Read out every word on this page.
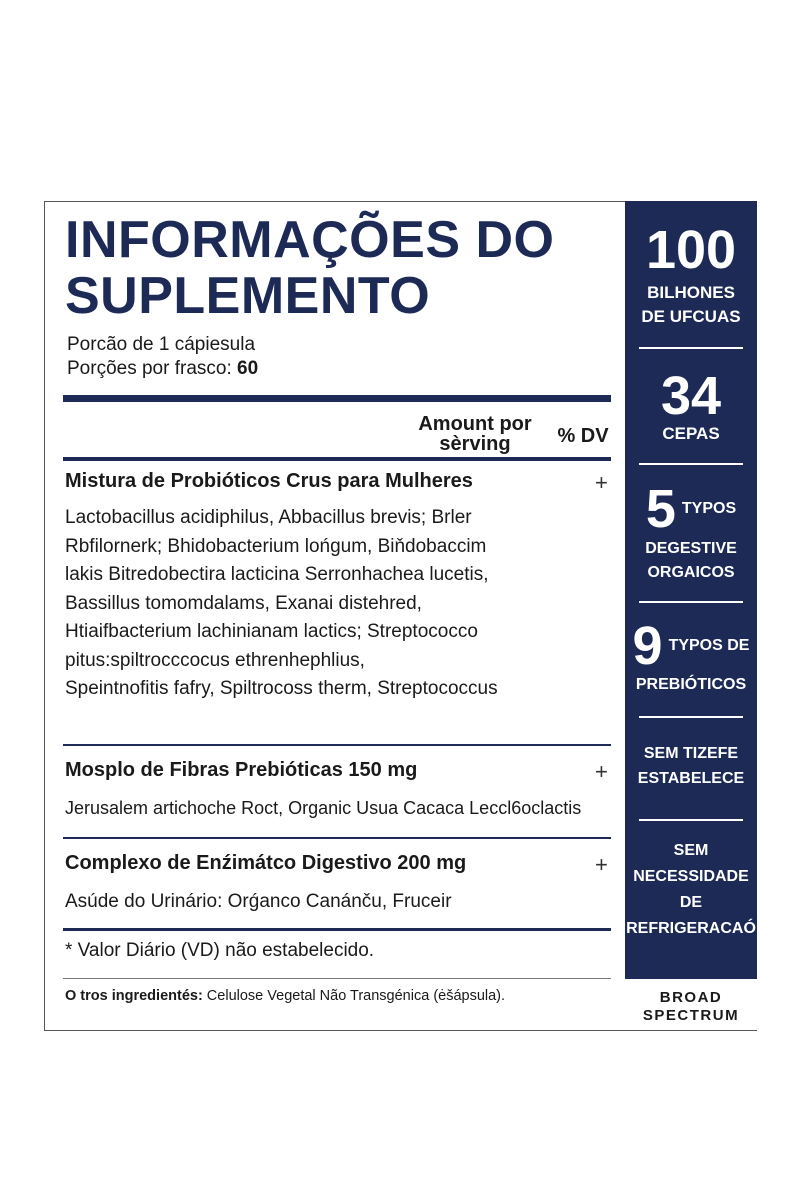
INFORMAÇÕES DO
SUPLEMENTO
Porcão de 1 cápiesula
Porções por frasco: 60
Amount por
sèrving	% DV
Mistura de Probióticos Crus para Mulheres	+
Lactobacillus acidiphilus, Abbacillus brevis; Brler
Rbfilornerk; Bhidobacterium lońgum, Biňdobaccim
lakis Bitredobectira lacticina Serronhachea lucetis,
Bassillus tomomdalams, Exanai distehred,
Htiaifbacterium lachinianam lactics; Streptococco
pitus:spiltrocccocus ethrenhephlius,
Speintnofitis fafry, Spiltrocoss therm, Streptococcus
Mosplo de Fibras Prebióticas 150 mg	+
Jerusalem artichoche Roct, Organic Usua Cacaca Leccl6oclactis
Complexo de Enźimátco Digestivo 200 mg	+
Asúde do Urinário: Orǵanco Canánču, Fruceir
* Valor Diário (VD) não estabelecido.
O tros ingredientés: Celulose Vegetal Não Transgénica (ėšápsula).
100
BILHONES
DE UFCUAS
34
CEPAS
5 TYPOS
DEGESTIVE
ORGAICOS
9 TYPOS DE
PREBIÓTICOS
SEM TIZEFE
ESTABELECE
SEM
NECESSIDADE
DE
REFRIGERACAÓ
BROAD
SPECTRUM
